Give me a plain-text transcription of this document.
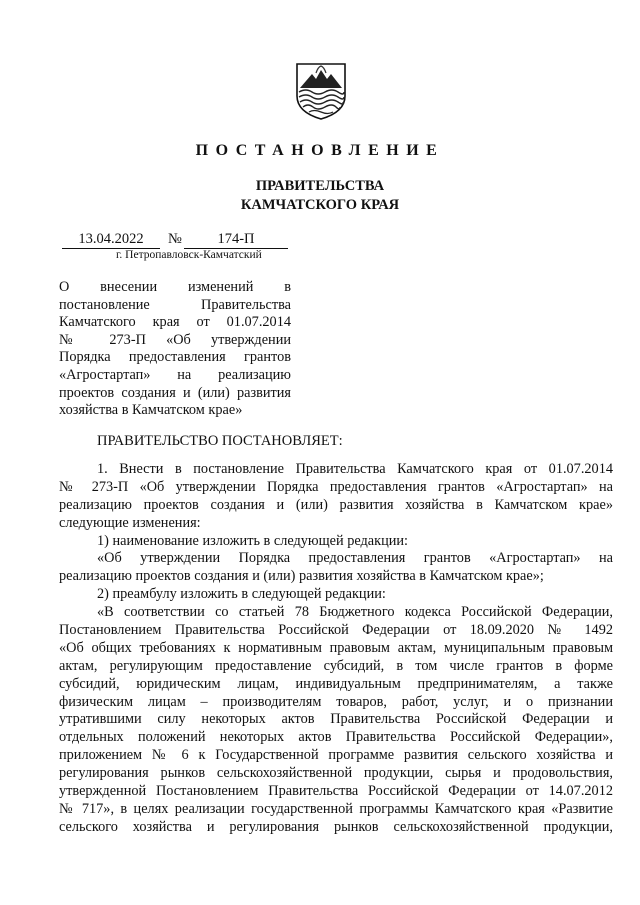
ПОСТАНОВЛЕНИЕ
ПРАВИТЕЛЬСТВА
КАМЧАТСКОГО КРАЯ
13.04.2022	№	174-П
г. Петропавловск-Камчатский
О внесении изменений в
постановление Правительства
Камчатского края от 01.07.2014
№ 273-П «Об утверждении
Порядка предоставления грантов
«Агростартап» на реализацию
проектов создания и (или) развития
хозяйства в Камчатском крае»
ПРАВИТЕЛЬСТВО ПОСТАНОВЛЯЕТ:
1. Внести в постановление Правительства Камчатского края от 01.07.2014
№ 273-П «Об утверждении Порядка предоставления грантов «Агростартап» на
реализацию проектов создания и (или) развития хозяйства в Камчатском крае»
следующие изменения:
1) наименование изложить в следующей редакции:
«Об утверждении Порядка предоставления грантов «Агростартап» на
реализацию проектов создания и (или) развития хозяйства в Камчатском крае»;
2) преамбулу изложить в следующей редакции:
«В соответствии со статьей 78 Бюджетного кодекса Российской Федерации,
Постановлением Правительства Российской Федерации от 18.09.2020 № 1492
«Об общих требованиях к нормативным правовым актам, муниципальным правовым
актам, регулирующим предоставление субсидий, в том числе грантов в форме
субсидий, юридическим лицам, индивидуальным предпринимателям, а также
физическим лицам – производителям товаров, работ, услуг, и о признании
утратившими силу некоторых актов Правительства Российской Федерации и
отдельных положений некоторых актов Правительства Российской Федерации»,
приложением № 6 к Государственной программе развития сельского хозяйства и
регулирования рынков сельскохозяйственной продукции, сырья и продовольствия,
утвержденной Постановлением Правительства Российской Федерации от 14.07.2012
№ 717», в целях реализации государственной программы Камчатского края «Развитие
сельского хозяйства и регулирования рынков сельскохозяйственной продукции,
